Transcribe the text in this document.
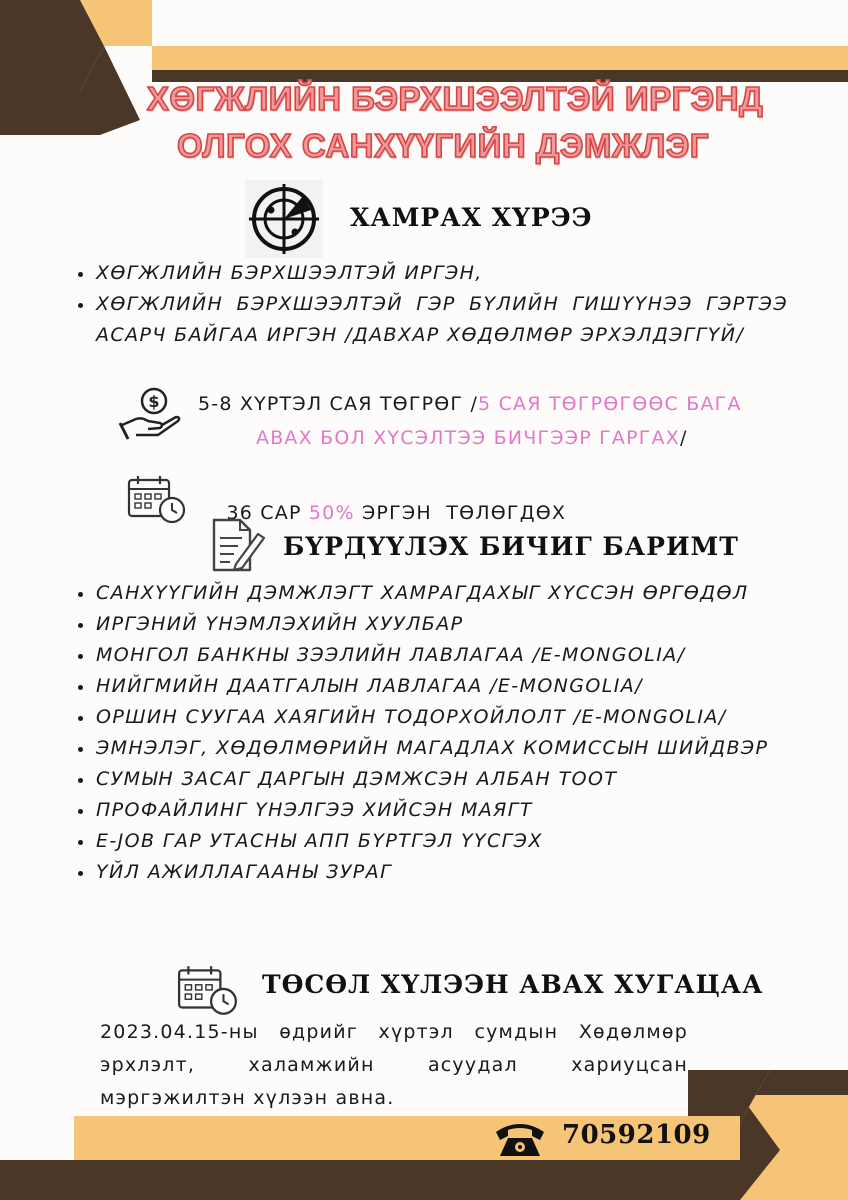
ХӨГЖЛИЙН БЭРХШЭЭЛТЭЙ ИРГЭНД
ОЛГОХ САНХҮҮГИЙН ДЭМЖЛЭГ
ХАМРАХ ХҮРЭЭ
ХӨГЖЛИЙН БЭРХШЭЭЛТЭЙ ИРГЭН,
ХӨГЖЛИЙН БЭРХШЭЭЛТЭЙ ГЭР БҮЛИЙН ГИШҮҮНЭЭ ГЭРТЭЭ АСАРЧ БАЙГАА ИРГЭН /ДАВХАР ХӨДӨЛМӨР ЭРХЭЛДЭГГҮЙ/
$ 5-8 ХҮРТЭЛ САЯ ТӨГРӨГ /5 САЯ ТӨГРӨГӨӨС БАГА
АВАХ БОЛ ХҮСЭЛТЭЭ БИЧГЭЭР ГАРГАХ/

36 САР 50% ЭРГЭН  ТӨЛӨГДӨХ

БҮРДҮҮЛЭХ БИЧИГ БАРИМТ
САНХҮҮГИЙН ДЭМЖЛЭГТ ХАМРАГДАХЫГ ХҮССЭН ӨРГӨДӨЛ
ИРГЭНИЙ ҮНЭМЛЭХИЙН ХУУЛБАР
МОНГОЛ БАНКНЫ ЗЭЭЛИЙН ЛАВЛАГАА /E-MONGOLIA/
НИЙГМИЙН ДААТГАЛЫН ЛАВЛАГАА /E-MONGOLIA/
ОРШИН СУУГАА ХАЯГИЙН ТОДОРХОЙЛОЛТ /E-MONGOLIA/
ЭМНЭЛЭГ, ХӨДӨЛМӨРИЙН МАГАДЛАХ КОМИССЫН ШИЙДВЭР
СУМЫН ЗАСАГ ДАРГЫН ДЭМЖСЭН АЛБАН ТООТ
ПРОФАЙЛИНГ ҮНЭЛГЭЭ ХИЙСЭН МАЯГТ
E-JOB ГАР УТАСНЫ АПП БҮРТГЭЛ ҮҮСГЭХ
ҮЙЛ АЖИЛЛАГААНЫ ЗУРАГ
ТӨСӨЛ ХҮЛЭЭН АВАХ ХУГАЦАА

2023.04.15-ны өдрийг хүртэл сумдын Хөдөлмөр эрхлэлт, халамжийн асуудал хариуцсан мэргэжилтэн хүлээн авна.

70592109
